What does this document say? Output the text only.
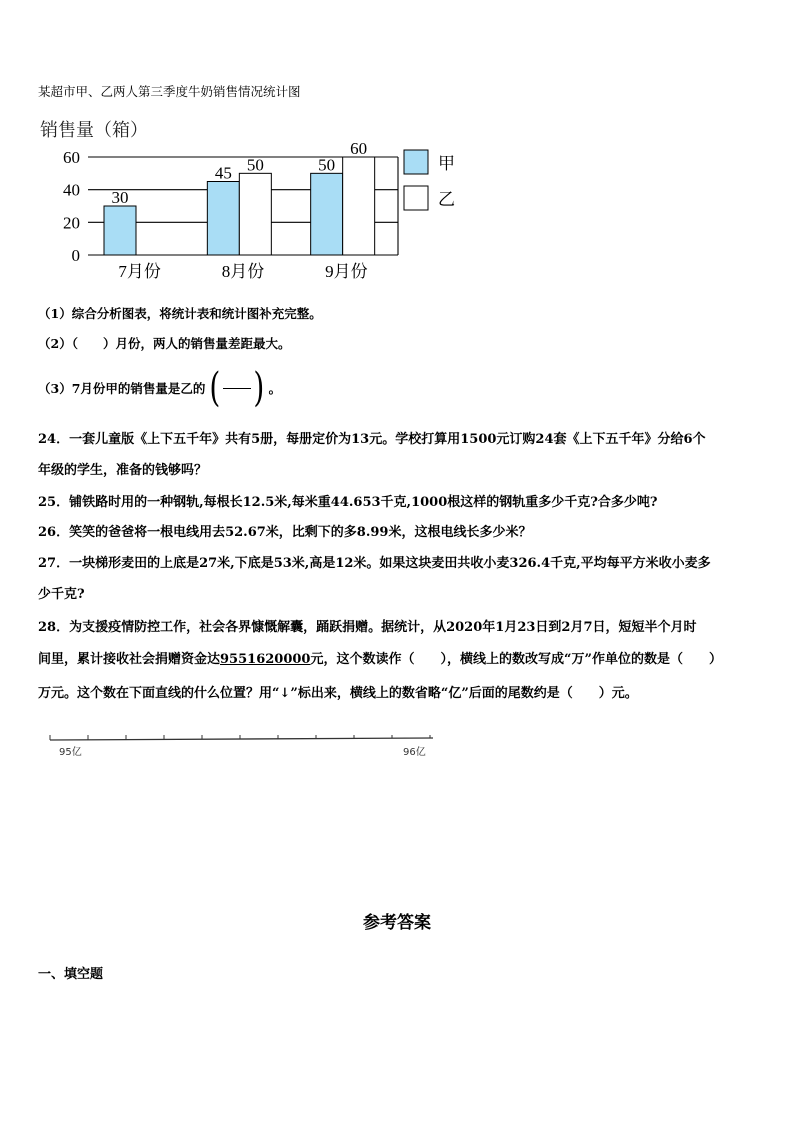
某超市甲、乙两人第三季度牛奶销售情况统计图
销售量（箱）
0
20
40
60
30
45 50	50
60
7月份	8月份	9月份
甲
乙
（1）综合分析图表，将统计表和统计图补充完整。
（2）（　　）月份，两人的销售量差距最大。
（3）7月份甲的销售量是乙的 ( ) 。
24．一套儿童版《上下五千年》共有5册，每册定价为13元。学校打算用1500元订购24套《上下五千年》分给6个
年级的学生，准备的钱够吗？
25．铺铁路时用的一种钢轨,每根长12.5米,每米重44.653千克,1000根这样的钢轨重多少千克?合多少吨?
26．笑笑的爸爸将一根电线用去52.67米，比剩下的多8.99米，这根电线长多少米？
27．一块梯形麦田的上底是27米,下底是53米,高是12米。如果这块麦田共收小麦326.4千克,平均每平方米收小麦多
少千克?
28．为支援疫情防控工作，社会各界慷慨解囊，踊跃捐赠。据统计，从2020年1月23日到2月7日，短短半个月时
间里，累计接收社会捐赠资金达9551620000元，这个数读作（　　），横线上的数改写成“万”作单位的数是（　　）
万元。这个数在下面直线的什么位置？用“↓”标出来，横线上的数省略“亿”后面的尾数约是（　　）元。
95亿	96亿
参考答案
一、填空题
